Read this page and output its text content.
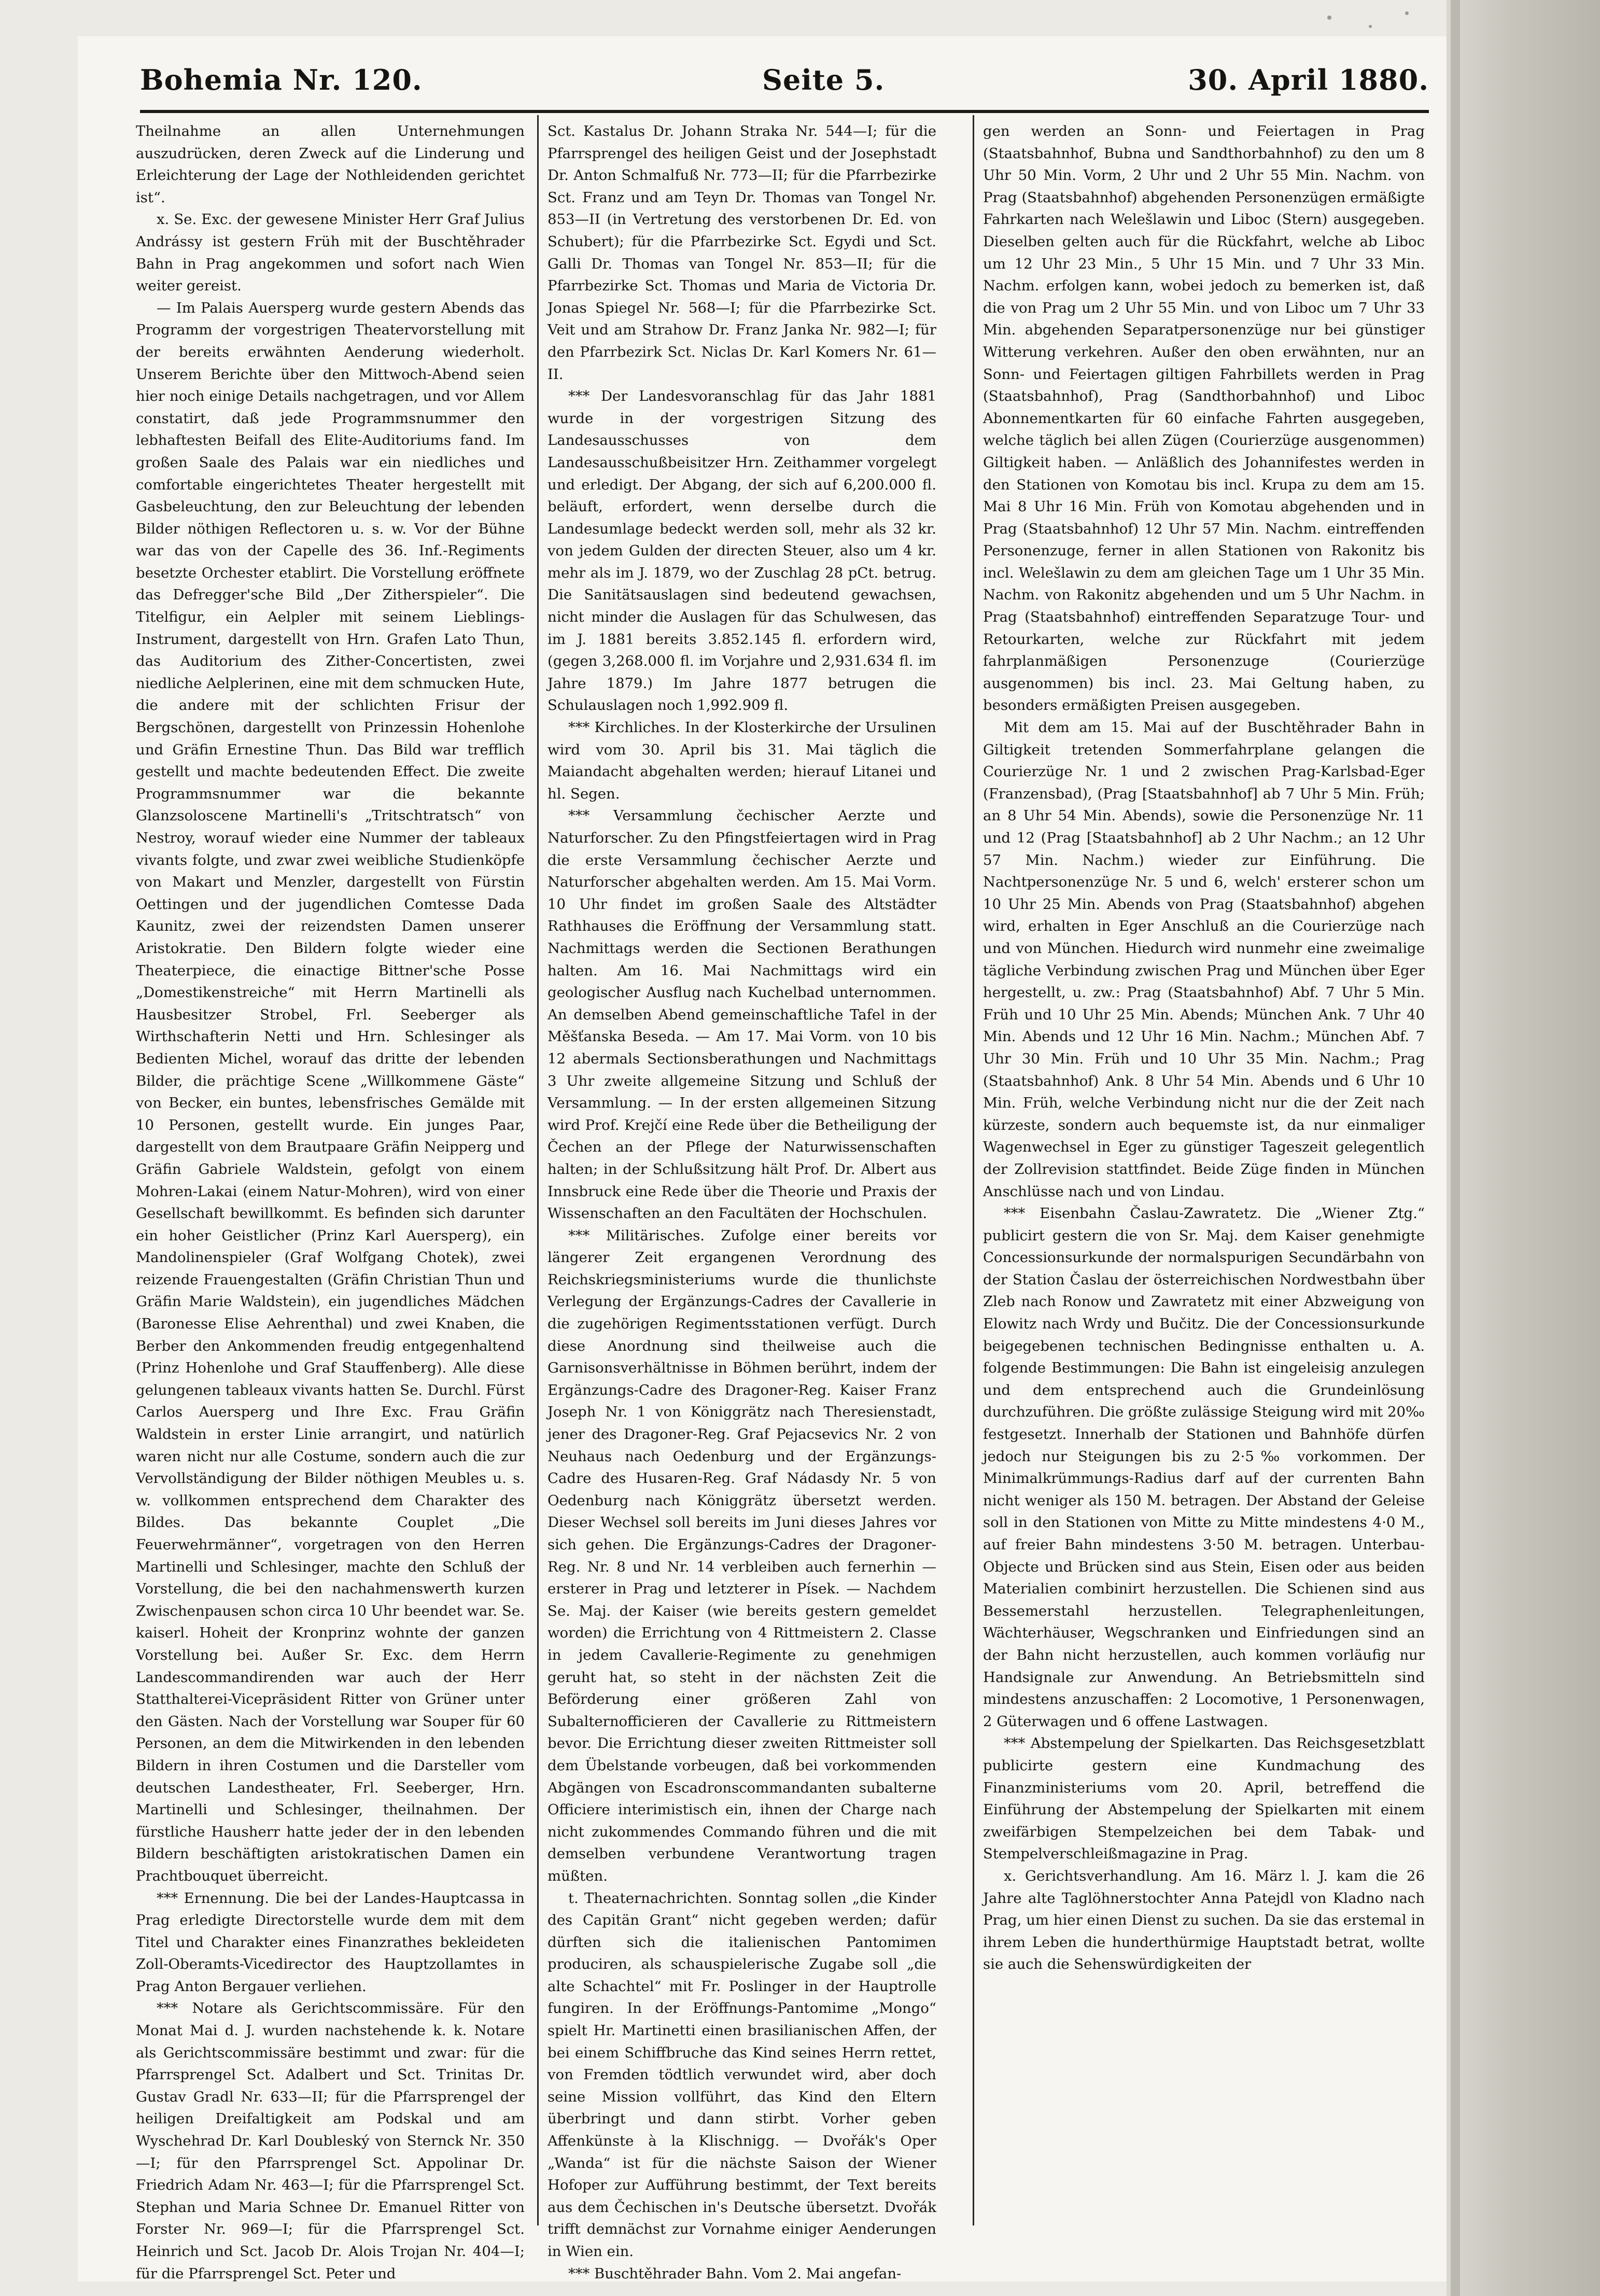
Bohemia Nr. 120.	Seite 5.	30. April 1880.

Theilnahme an allen Unternehmungen auszudrücken, deren Zweck auf die Linderung und Erleichterung der Lage der Nothleidenden gerichtet ist“.

x. Se. Exc. der gewesene Minister Herr Graf Julius Andrássy ist gestern Früh mit der Buschtěhrader Bahn in Prag angekommen und sofort nach Wien weiter gereist.

— Im Palais Auersperg wurde gestern Abends das Programm der vorgestrigen Theatervorstellung mit der bereits erwähnten Aenderung wiederholt. Unserem Berichte über den Mittwoch-Abend seien hier noch einige Details nachgetragen, und vor Allem constatirt, daß jede Programmsnummer den lebhaftesten Beifall des Elite-Auditoriums fand. Im großen Saale des Palais war ein niedliches und comfortable eingerichtetes Theater hergestellt mit Gasbeleuchtung, den zur Beleuchtung der lebenden Bilder nöthigen Reflectoren u. s. w. Vor der Bühne war das von der Capelle des 36. Inf.-Regiments besetzte Orchester etablirt. Die Vorstellung eröffnete das Defregger'sche Bild „Der Zitherspieler“. Die Titelfigur, ein Aelpler mit seinem Lieblings-Instrument, dargestellt von Hrn. Grafen Lato Thun, das Auditorium des Zither-Concertisten, zwei niedliche Aelplerinen, eine mit dem schmucken Hute, die andere mit der schlichten Frisur der Bergschönen, dargestellt von Prinzessin Hohenlohe und Gräfin Ernestine Thun. Das Bild war trefflich gestellt und machte bedeutenden Effect. Die zweite Programmsnummer war die bekannte Glanzsoloscene Martinelli's „Tritschtratsch“ von Nestroy, worauf wieder eine Nummer der tableaux vivants folgte, und zwar zwei weibliche Studienköpfe von Makart und Menzler, dargestellt von Fürstin Oettingen und der jugendlichen Comtesse Dada Kaunitz, zwei der reizendsten Damen unserer Aristokratie. Den Bildern folgte wieder eine Theaterpiece, die einactige Bittner'sche Posse „Domestikenstreiche“ mit Herrn Martinelli als Hausbesitzer Strobel, Frl. Seeberger als Wirthschafterin Netti und Hrn. Schlesinger als Bedienten Michel, worauf das dritte der lebenden Bilder, die prächtige Scene „Willkommene Gäste“ von Becker, ein buntes, lebensfrisches Gemälde mit 10 Personen, gestellt wurde. Ein junges Paar, dargestellt von dem Brautpaare Gräfin Neipperg und Gräfin Gabriele Waldstein, gefolgt von einem Mohren-Lakai (einem Natur-Mohren), wird von einer Gesellschaft bewillkommt. Es befinden sich darunter ein hoher Geistlicher (Prinz Karl Auersperg), ein Mandolinenspieler (Graf Wolfgang Chotek), zwei reizende Frauengestalten (Gräfin Christian Thun und Gräfin Marie Waldstein), ein jugendliches Mädchen (Baronesse Elise Aehrenthal) und zwei Knaben, die Berber den Ankommenden freudig entgegenhaltend (Prinz Hohenlohe und Graf Stauffenberg). Alle diese gelungenen tableaux vivants hatten Se. Durchl. Fürst Carlos Auersperg und Ihre Exc. Frau Gräfin Waldstein in erster Linie arrangirt, und natürlich waren nicht nur alle Costume, sondern auch die zur Vervollständigung der Bilder nöthigen Meubles u. s. w. vollkommen entsprechend dem Charakter des Bildes. Das bekannte Couplet „Die Feuerwehrmänner“, vorgetragen von den Herren Martinelli und Schlesinger, machte den Schluß der Vorstellung, die bei den nachahmenswerth kurzen Zwischenpausen schon circa 10 Uhr beendet war. Se. kaiserl. Hoheit der Kronprinz wohnte der ganzen Vorstellung bei. Außer Sr. Exc. dem Herrn Landescommandirenden war auch der Herr Statthalterei-Vicepräsident Ritter von Grüner unter den Gästen. Nach der Vorstellung war Souper für 60 Personen, an dem die Mitwirkenden in den lebenden Bildern in ihren Costumen und die Darsteller vom deutschen Landestheater, Frl. Seeberger, Hrn. Martinelli und Schlesinger, theilnahmen. Der fürstliche Hausherr hatte jeder der in den lebenden Bildern beschäftigten aristokratischen Damen ein Prachtbouquet überreicht.

*** Ernennung. Die bei der Landes-Hauptcassa in Prag erledigte Directorstelle wurde dem mit dem Titel und Charakter eines Finanzrathes bekleideten Zoll-Oberamts-Vicedirector des Hauptzollamtes in Prag Anton Bergauer verliehen.

*** Notare als Gerichtscommissäre. Für den Monat Mai d. J. wurden nachstehende k. k. Notare als Gerichtscommissäre bestimmt und zwar: für die Pfarrsprengel Sct. Adalbert und Sct. Trinitas Dr. Gustav Gradl Nr. 633—II; für die Pfarrsprengel der heiligen Dreifaltigkeit am Podskal und am Wyschehrad Dr. Karl Doubleský von Sternck Nr. 350—I; für den Pfarrsprengel Sct. Appolinar Dr. Friedrich Adam Nr. 463—I; für die Pfarrsprengel Sct. Stephan und Maria Schnee Dr. Emanuel Ritter von Forster Nr. 969—I; für die Pfarrsprengel Sct. Heinrich und Sct. Jacob Dr. Alois Trojan Nr. 404—I; für die Pfarrsprengel Sct. Peter und

Sct. Kastalus Dr. Johann Straka Nr. 544—I; für die Pfarrsprengel des heiligen Geist und der Josephstadt Dr. Anton Schmalfuß Nr. 773—II; für die Pfarrbezirke Sct. Franz und am Teyn Dr. Thomas van Tongel Nr. 853—II (in Vertretung des verstorbenen Dr. Ed. von Schubert); für die Pfarrbezirke Sct. Egydi und Sct. Galli Dr. Thomas van Tongel Nr. 853—II; für die Pfarrbezirke Sct. Thomas und Maria de Victoria Dr. Jonas Spiegel Nr. 568—I; für die Pfarrbezirke Sct. Veit und am Strahow Dr. Franz Janka Nr. 982—I; für den Pfarrbezirk Sct. Niclas Dr. Karl Komers Nr. 61—II.

*** Der Landesvoranschlag für das Jahr 1881 wurde in der vorgestrigen Sitzung des Landesausschusses von dem Landesausschußbeisitzer Hrn. Zeithammer vorgelegt und erledigt. Der Abgang, der sich auf 6,200.000 fl. beläuft, erfordert, wenn derselbe durch die Landesumlage bedeckt werden soll, mehr als 32 kr. von jedem Gulden der directen Steuer, also um 4 kr. mehr als im J. 1879, wo der Zuschlag 28 pCt. betrug. Die Sanitätsauslagen sind bedeutend gewachsen, nicht minder die Auslagen für das Schulwesen, das im J. 1881 bereits 3.852.145 fl. erfordern wird, (gegen 3,268.000 fl. im Vorjahre und 2,931.634 fl. im Jahre 1879.) Im Jahre 1877 betrugen die Schulauslagen noch 1,992.909 fl.

*** Kirchliches. In der Klosterkirche der Ursulinen wird vom 30. April bis 31. Mai täglich die Maiandacht abgehalten werden; hierauf Litanei und hl. Segen.

*** Versammlung čechischer Aerzte und Naturforscher. Zu den Pfingstfeiertagen wird in Prag die erste Versammlung čechischer Aerzte und Naturforscher abgehalten werden. Am 15. Mai Vorm. 10 Uhr findet im großen Saale des Altstädter Rathhauses die Eröffnung der Versammlung statt. Nachmittags werden die Sectionen Berathungen halten. Am 16. Mai Nachmittags wird ein geologischer Ausflug nach Kuchelbad unternommen. An demselben Abend gemeinschaftliche Tafel in der Měšťanska Beseda. — Am 17. Mai Vorm. von 10 bis 12 abermals Sectionsberathungen und Nachmittags 3 Uhr zweite allgemeine Sitzung und Schluß der Versammlung. — In der ersten allgemeinen Sitzung wird Prof. Krejčí eine Rede über die Betheiligung der Čechen an der Pflege der Naturwissenschaften halten; in der Schlußsitzung hält Prof. Dr. Albert aus Innsbruck eine Rede über die Theorie und Praxis der Wissenschaften an den Facultäten der Hochschulen.

*** Militärisches. Zufolge einer bereits vor längerer Zeit ergangenen Verordnung des Reichskriegsministeriums wurde die thunlichste Verlegung der Ergänzungs-Cadres der Cavallerie in die zugehörigen Regimentsstationen verfügt. Durch diese Anordnung sind theilweise auch die Garnisonsverhältnisse in Böhmen berührt, indem der Ergänzungs-Cadre des Dragoner-Reg. Kaiser Franz Joseph Nr. 1 von Königgrätz nach Theresienstadt, jener des Dragoner-Reg. Graf Pejacsevics Nr. 2 von Neuhaus nach Oedenburg und der Ergänzungs-Cadre des Husaren-Reg. Graf Nádasdy Nr. 5 von Oedenburg nach Königgrätz übersetzt werden. Dieser Wechsel soll bereits im Juni dieses Jahres vor sich gehen. Die Ergänzungs-Cadres der Dragoner-Reg. Nr. 8 und Nr. 14 verbleiben auch fernerhin — ersterer in Prag und letzterer in Písek. — Nachdem Se. Maj. der Kaiser (wie bereits gestern gemeldet worden) die Errichtung von 4 Rittmeistern 2. Classe in jedem Cavallerie-Regimente zu genehmigen geruht hat, so steht in der nächsten Zeit die Beförderung einer größeren Zahl von Subalternofficieren der Cavallerie zu Rittmeistern bevor. Die Errichtung dieser zweiten Rittmeister soll dem Übelstande vorbeugen, daß bei vorkommenden Abgängen von Escadronscommandanten subalterne Officiere interimistisch ein, ihnen der Charge nach nicht zukommendes Commando führen und die mit demselben verbundene Verantwortung tragen müßten.

t. Theaternachrichten. Sonntag sollen „die Kinder des Capitän Grant“ nicht gegeben werden; dafür dürften sich die italienischen Pantomimen produciren, als schauspielerische Zugabe soll „die alte Schachtel“ mit Fr. Poslinger in der Hauptrolle fungiren. In der Eröffnungs-Pantomime „Mongo“ spielt Hr. Martinetti einen brasilianischen Affen, der bei einem Schiffbruche das Kind seines Herrn rettet, von Fremden tödtlich verwundet wird, aber doch seine Mission vollführt, das Kind den Eltern überbringt und dann stirbt. Vorher geben Affenkünste à la Klischnigg. — Dvořák's Oper „Wanda“ ist für die nächste Saison der Wiener Hofoper zur Aufführung bestimmt, der Text bereits aus dem Čechischen in's Deutsche übersetzt. Dvořák trifft demnächst zur Vornahme einiger Aenderungen in Wien ein.

*** Buschtěhrader Bahn. Vom 2. Mai angefan-

gen werden an Sonn- und Feiertagen in Prag (Staatsbahnhof, Bubna und Sandthorbahnhof) zu den um 8 Uhr 50 Min. Vorm, 2 Uhr und 2 Uhr 55 Min. Nachm. von Prag (Staatsbahnhof) abgehenden Personenzügen ermäßigte Fahrkarten nach Welešlawin und Liboc (Stern) ausgegeben. Dieselben gelten auch für die Rückfahrt, welche ab Liboc um 12 Uhr 23 Min., 5 Uhr 15 Min. und 7 Uhr 33 Min. Nachm. erfolgen kann, wobei jedoch zu bemerken ist, daß die von Prag um 2 Uhr 55 Min. und von Liboc um 7 Uhr 33 Min. abgehenden Separatpersonenzüge nur bei günstiger Witterung verkehren. Außer den oben erwähnten, nur an Sonn- und Feiertagen giltigen Fahrbillets werden in Prag (Staatsbahnhof), Prag (Sandthorbahnhof) und Liboc Abonnementkarten für 60 einfache Fahrten ausgegeben, welche täglich bei allen Zügen (Courierzüge ausgenommen) Giltigkeit haben. — Anläßlich des Johannifestes werden in den Stationen von Komotau bis incl. Krupa zu dem am 15. Mai 8 Uhr 16 Min. Früh von Komotau abgehenden und in Prag (Staatsbahnhof) 12 Uhr 57 Min. Nachm. eintreffenden Personenzuge, ferner in allen Stationen von Rakonitz bis incl. Welešlawin zu dem am gleichen Tage um 1 Uhr 35 Min. Nachm. von Rakonitz abgehenden und um 5 Uhr Nachm. in Prag (Staatsbahnhof) eintreffenden Separatzuge Tour- und Retourkarten, welche zur Rückfahrt mit jedem fahrplanmäßigen Personenzuge (Courierzüge ausgenommen) bis incl. 23. Mai Geltung haben, zu besonders ermäßigten Preisen ausgegeben.

Mit dem am 15. Mai auf der Buschtěhrader Bahn in Giltigkeit tretenden Sommerfahrplane gelangen die Courierzüge Nr. 1 und 2 zwischen Prag-Karlsbad-Eger (Franzensbad), (Prag [Staatsbahnhof] ab 7 Uhr 5 Min. Früh; an 8 Uhr 54 Min. Abends), sowie die Personenzüge Nr. 11 und 12 (Prag [Staatsbahnhof] ab 2 Uhr Nachm.; an 12 Uhr 57 Min. Nachm.) wieder zur Einführung. Die Nachtpersonenzüge Nr. 5 und 6, welch' ersterer schon um 10 Uhr 25 Min. Abends von Prag (Staatsbahnhof) abgehen wird, erhalten in Eger Anschluß an die Courierzüge nach und von München. Hiedurch wird nunmehr eine zweimalige tägliche Verbindung zwischen Prag und München über Eger hergestellt, u. zw.: Prag (Staatsbahnhof) Abf. 7 Uhr 5 Min. Früh und 10 Uhr 25 Min. Abends; München Ank. 7 Uhr 40 Min. Abends und 12 Uhr 16 Min. Nachm.; München Abf. 7 Uhr 30 Min. Früh und 10 Uhr 35 Min. Nachm.; Prag (Staatsbahnhof) Ank. 8 Uhr 54 Min. Abends und 6 Uhr 10 Min. Früh, welche Verbindung nicht nur die der Zeit nach kürzeste, sondern auch bequemste ist, da nur einmaliger Wagenwechsel in Eger zu günstiger Tageszeit gelegentlich der Zollrevision stattfindet. Beide Züge finden in München Anschlüsse nach und von Lindau.

*** Eisenbahn Časlau-Zawratetz. Die „Wiener Ztg.“ publicirt gestern die von Sr. Maj. dem Kaiser genehmigte Concessionsurkunde der normalspurigen Secundärbahn von der Station Časlau der österreichischen Nordwestbahn über Zleb nach Ronow und Zawratetz mit einer Abzweigung von Elowitz nach Wrdy und Bučitz. Die der Concessionsurkunde beigegebenen technischen Bedingnisse enthalten u. A. folgende Bestimmungen: Die Bahn ist eingeleisig anzulegen und dem entsprechend auch die Grundeinlösung durchzuführen. Die größte zulässige Steigung wird mit 20‰ festgesetzt. Innerhalb der Stationen und Bahnhöfe dürfen jedoch nur Steigungen bis zu 2·5‰ vorkommen. Der Minimalkrümmungs-Radius darf auf der currenten Bahn nicht weniger als 150 M. betragen. Der Abstand der Geleise soll in den Stationen von Mitte zu Mitte mindestens 4·0 M., auf freier Bahn mindestens 3·50 M. betragen. Unterbau-Objecte und Brücken sind aus Stein, Eisen oder aus beiden Materialien combinirt herzustellen. Die Schienen sind aus Bessemerstahl herzustellen. Telegraphenleitungen, Wächterhäuser, Wegschranken und Einfriedungen sind an der Bahn nicht herzustellen, auch kommen vorläufig nur Handsignale zur Anwendung. An Betriebsmitteln sind mindestens anzuschaffen: 2 Locomotive, 1 Personenwagen, 2 Güterwagen und 6 offene Lastwagen.

*** Abstempelung der Spielkarten. Das Reichsgesetzblatt publicirte gestern eine Kundmachung des Finanzministeriums vom 20. April, betreffend die Einführung der Abstempelung der Spielkarten mit einem zweifärbigen Stempelzeichen bei dem Tabak- und Stempelverschleißmagazine in Prag.

x. Gerichtsverhandlung. Am 16. März l. J. kam die 26 Jahre alte Taglöhnerstochter Anna Patejdl von Kladno nach Prag, um hier einen Dienst zu suchen. Da sie das erstemal in ihrem Leben die hunderthürmige Hauptstadt betrat, wollte sie auch die Sehenswürdigkeiten der
